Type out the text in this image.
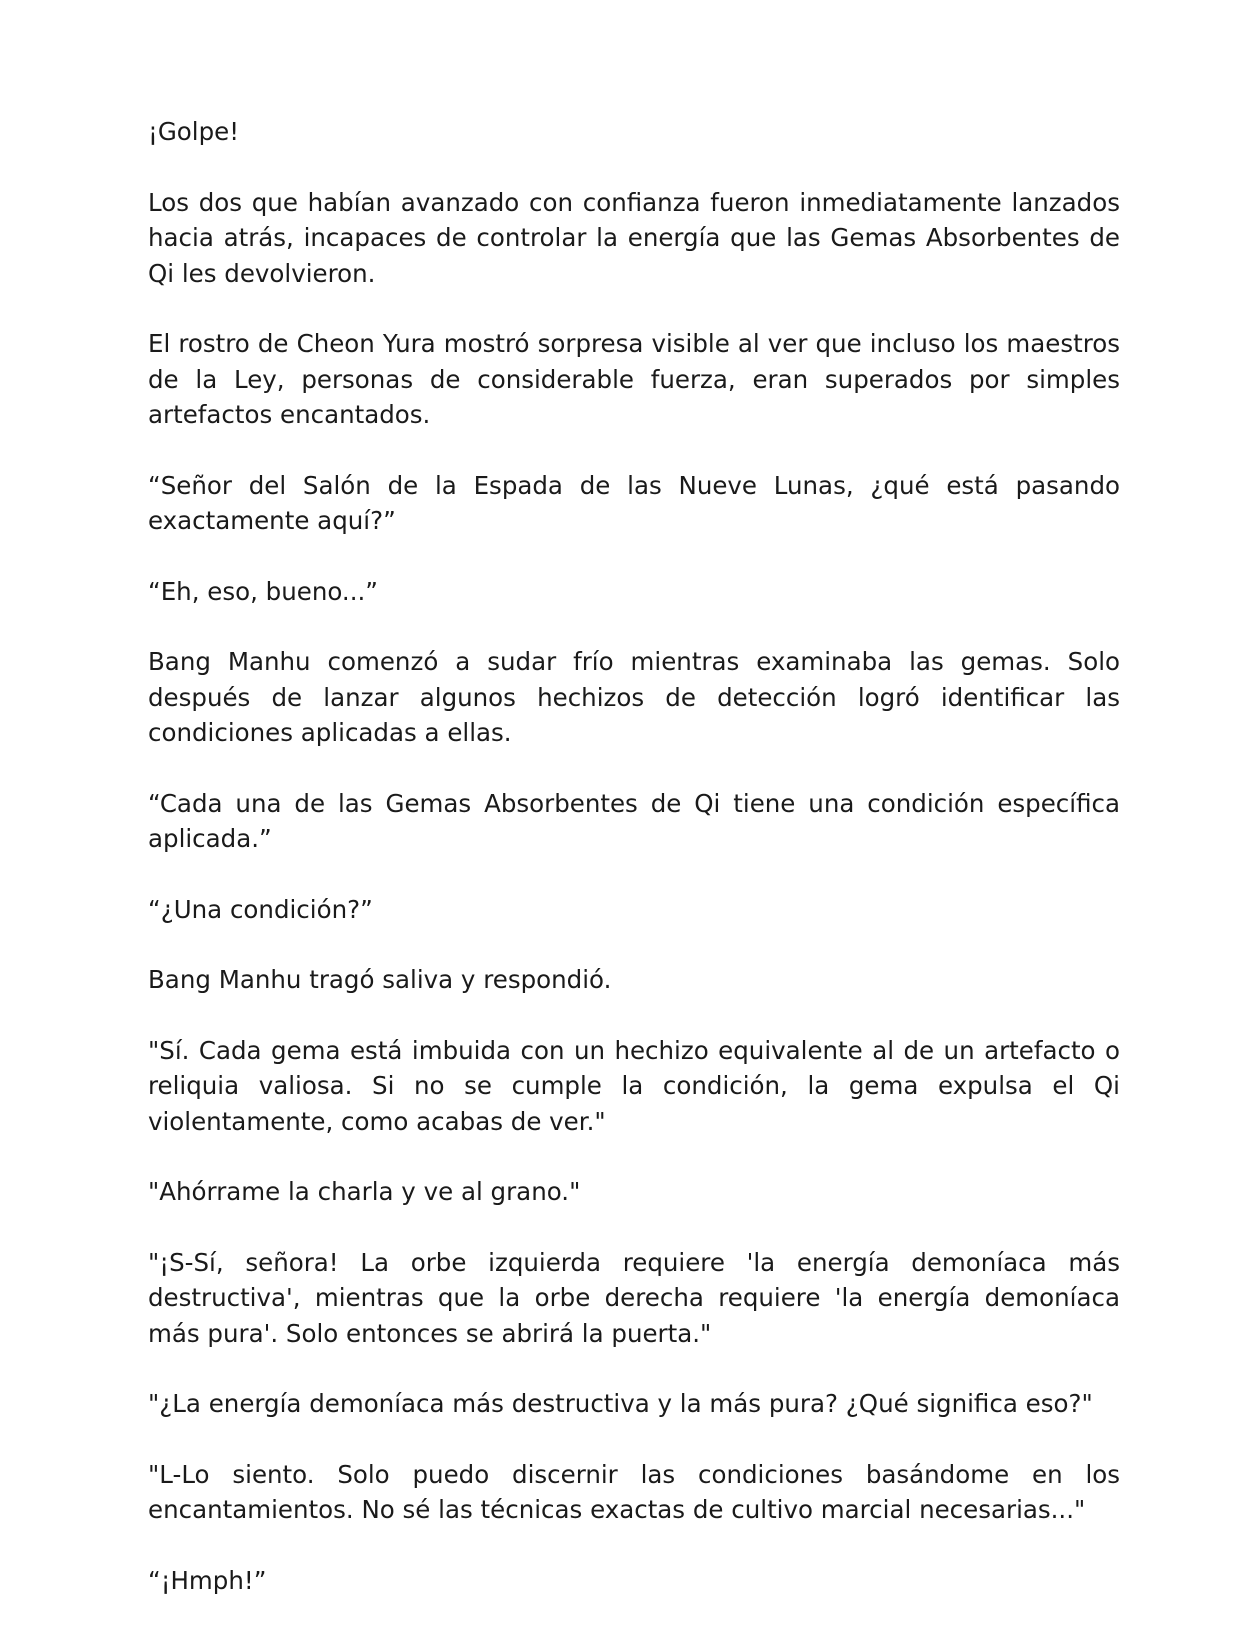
¡Golpe!

Los dos que habían avanzado con confianza fueron inmediatamente lanzados hacia atrás, incapaces de controlar la energía que las Gemas Absorbentes de Qi les devolvieron.

El rostro de Cheon Yura mostró sorpresa visible al ver que incluso los maestros de la Ley, personas de considerable fuerza, eran superados por simples artefactos encantados.

“Señor del Salón de la Espada de las Nueve Lunas, ¿qué está pasando exactamente aquí?”

“Eh, eso, bueno...”

Bang Manhu comenzó a sudar frío mientras examinaba las gemas. Solo después de lanzar algunos hechizos de detección logró identificar las condiciones aplicadas a ellas.

“Cada una de las Gemas Absorbentes de Qi tiene una condición específica aplicada.”

“¿Una condición?”

Bang Manhu tragó saliva y respondió.

"Sí. Cada gema está imbuida con un hechizo equivalente al de un artefacto o reliquia valiosa. Si no se cumple la condición, la gema expulsa el Qi violentamente, como acabas de ver."

"Ahórrame la charla y ve al grano."

"¡S-Sí, señora! La orbe izquierda requiere 'la energía demoníaca más destructiva', mientras que la orbe derecha requiere 'la energía demoníaca más pura'. Solo entonces se abrirá la puerta."

"¿La energía demoníaca más destructiva y la más pura? ¿Qué significa eso?"

"L-Lo siento. Solo puedo discernir las condiciones basándome en los encantamientos. No sé las técnicas exactas de cultivo marcial necesarias..."

“¡Hmph!”
